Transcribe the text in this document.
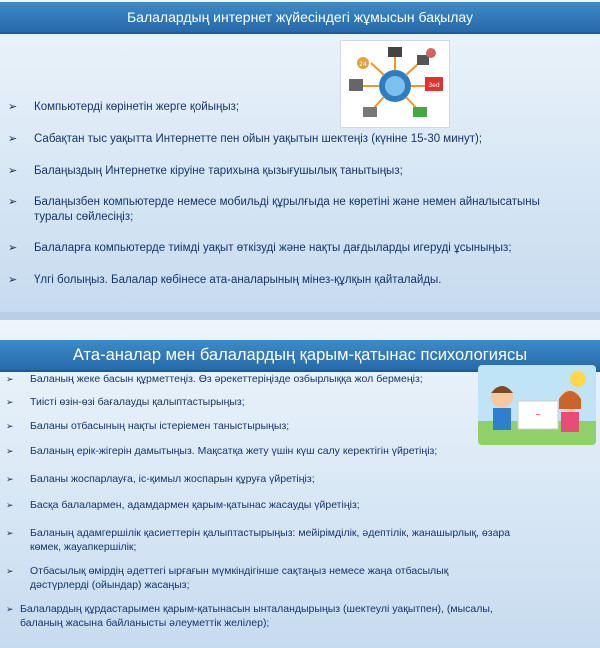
Балалардың интернет жүйесіндегі жұмысын бақылау
3ed
24
➢ Компьютерді көрінетін жерге қойыңыз;
➢ Сабақтан тыс уақытта Интернетте пен ойын уақытын шектеңіз (күніне 15-30 минут);
➢ Балаңыздың Интернетке кіруіне тарихына қызығушылық танытыңыз;
➢ Балаңызбен компьютерде немесе мобильді құрылғыда не көретіні және немен айналысатыны туралы сөйлесіңіз;
➢ Балаларға компьютерде тиімді уақыт өткізуді және нақты дағдыларды игеруді ұсыныңыз;
➢ Үлгі болыңыз. Балалар көбінесе ата-аналарының мінез-құлқын қайталайды.
Ата-аналар мен балалардың қарым-қатынас психологиясы
~
➢ Баланың жеке басын құрметтеңіз. Өз әрекеттеріңізде озбырлыққа жол бермеңіз;
➢ Тиісті өзін-өзі бағалауды қалыптастырыңыз;
➢ Баланы отбасының нақты істеріемен таныстырыңыз;
➢ Баланың ерік-жігерін дамытыңыз. Мақсатқа жету үшін күш салу керектігін үйретіңіз;
➢ Баланы жоспарлауға, іс-қимыл жоспарын құруға үйретіңіз;
➢ Басқа балалармен, адамдармен қарым-қатынас жасауды үйретіңіз;
➢ Баланың адамгершілік қасиеттерін қалыптастырыңыз: мейірімділік, әдептілік, жанашырлық, өзара көмек, жауапкершілік;
➢ Отбасылық өмірдің әдеттегі ырғағын мүмкіндігінше сақтаңыз немесе жаңа отбасылық дәстүрлерді (ойындар) жасаңыз;
➢ Балалардың құрдастарымен қарым-қатынасын ынталандырыңыз (шектеулі уақытпен), (мысалы, баланың жасына байланысты әлеуметтік желілер);
